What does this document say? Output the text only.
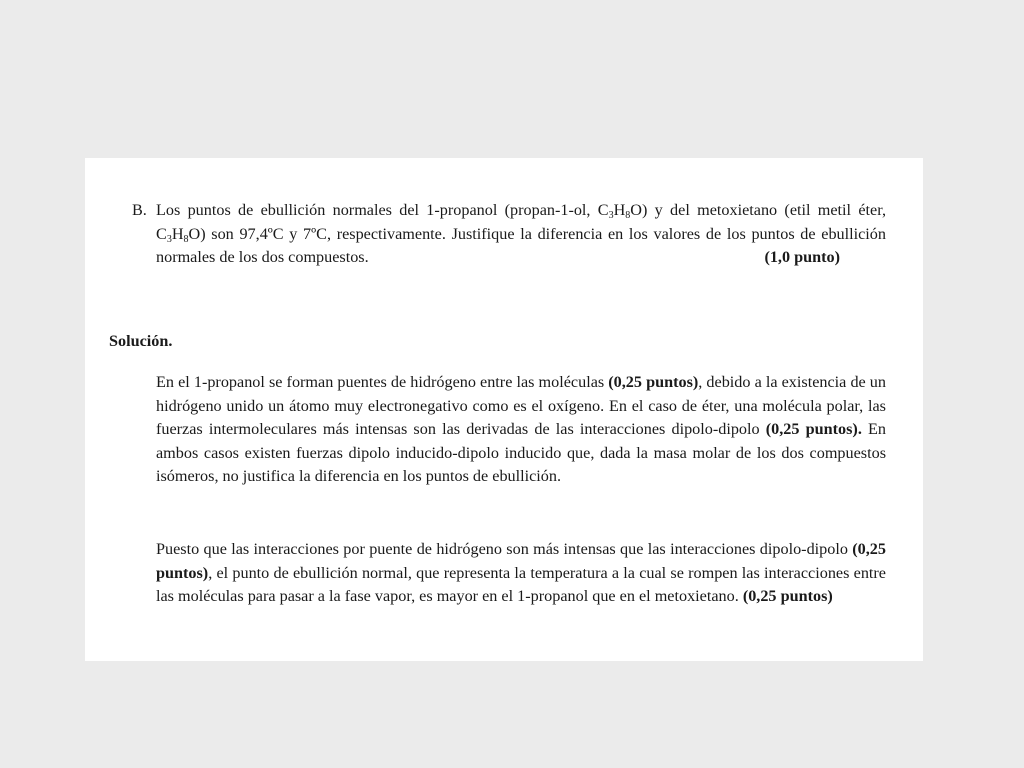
B. Los puntos de ebullición normales del 1-propanol (propan-1-ol, $C_3H_8O$) y del metoxietano (etil metil éter, $C_3H_8O$) son 97,4ºC y 7ºC, respectivamente. Justifique la diferencia en los valores de los puntos de ebullición normales de los dos compuestos.	(1,0 punto)
Solución.
En el 1-propanol se forman puentes de hidrógeno entre las moléculas (0,25 puntos), debido a la existencia de un hidrógeno unido un átomo muy electronegativo como es el oxígeno. En el caso de éter, una molécula polar, las fuerzas intermoleculares más intensas son las derivadas de las interacciones dipolo-dipolo (0,25 puntos). En ambos casos existen fuerzas dipolo inducido-dipolo inducido que, dada la masa molar de los dos compuestos isómeros, no justifica la diferencia en los puntos de ebullición.
Puesto que las interacciones por puente de hidrógeno son más intensas que las interacciones dipolo-dipolo (0,25 puntos), el punto de ebullición normal, que representa la temperatura a la cual se rompen las interacciones entre las moléculas para pasar a la fase vapor, es mayor en el 1-propanol que en el metoxietano. (0,25 puntos)
